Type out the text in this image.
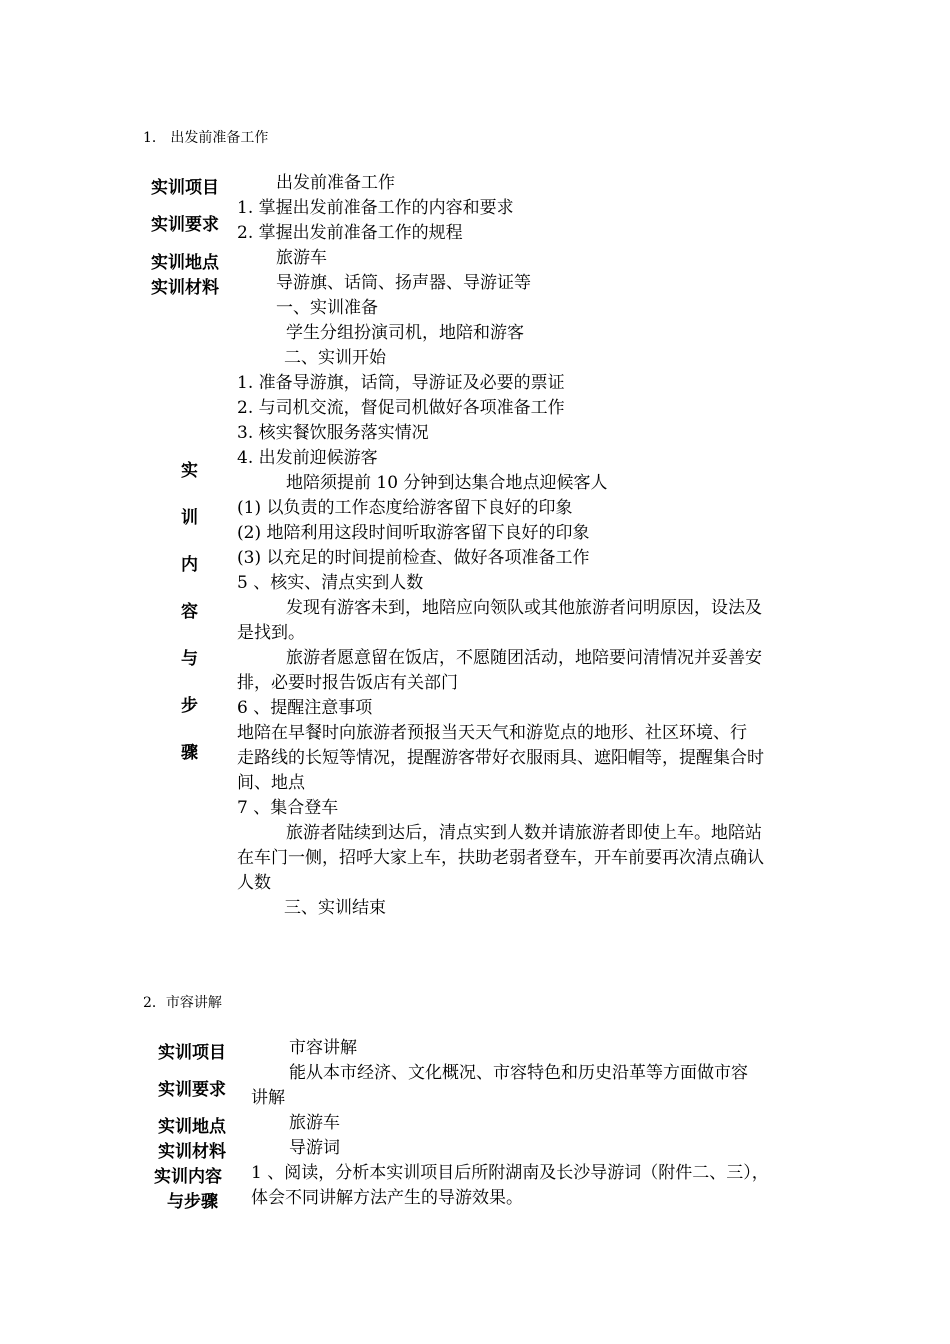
1． 出发前准备工作
实训项目
实训要求
实训地点
实训材料
实
训
内
容
与
步
骤
出发前准备工作
1. 掌握出发前准备工作的内容和要求
2. 掌握出发前准备工作的规程
旅游车
导游旗、话筒、扬声器、导游证等
一、实训准备
学生分组扮演司机，地陪和游客
二、实训开始
1. 准备导游旗，话筒，导游证及必要的票证
2. 与司机交流，督促司机做好各项准备工作
3. 核实餐饮服务落实情况
4. 出发前迎候游客
地陪须提前 10 分钟到达集合地点迎候客人
(1) 以负责的工作态度给游客留下良好的印象
(2) 地陪利用这段时间听取游客留下良好的印象
(3) 以充足的时间提前检查、做好各项准备工作
5 、核实、清点实到人数
发现有游客未到，地陪应向领队或其他旅游者问明原因，设法及
是找到。
旅游者愿意留在饭店，不愿随团活动，地陪要问清情况并妥善安
排，必要时报告饭店有关部门
6 、提醒注意事项
地陪在早餐时向旅游者预报当天天气和游览点的地形、社区环境、行
走路线的长短等情况，提醒游客带好衣服雨具、遮阳帽等，提醒集合时
间、地点
7 、集合登车
旅游者陆续到达后，清点实到人数并请旅游者即使上车。地陪站
在车门一侧，招呼大家上车，扶助老弱者登车，开车前要再次清点确认
人数
三、实训结束
2．市容讲解
实训项目
实训要求
实训地点
实训材料
实训内容
与步骤
市容讲解
能从本市经济、文化概况、市容特色和历史沿革等方面做市容
讲解
旅游车
导游词
1 、阅读，分析本实训项目后所附湖南及长沙导游词（附件二、三），
体会不同讲解方法产生的导游效果。
